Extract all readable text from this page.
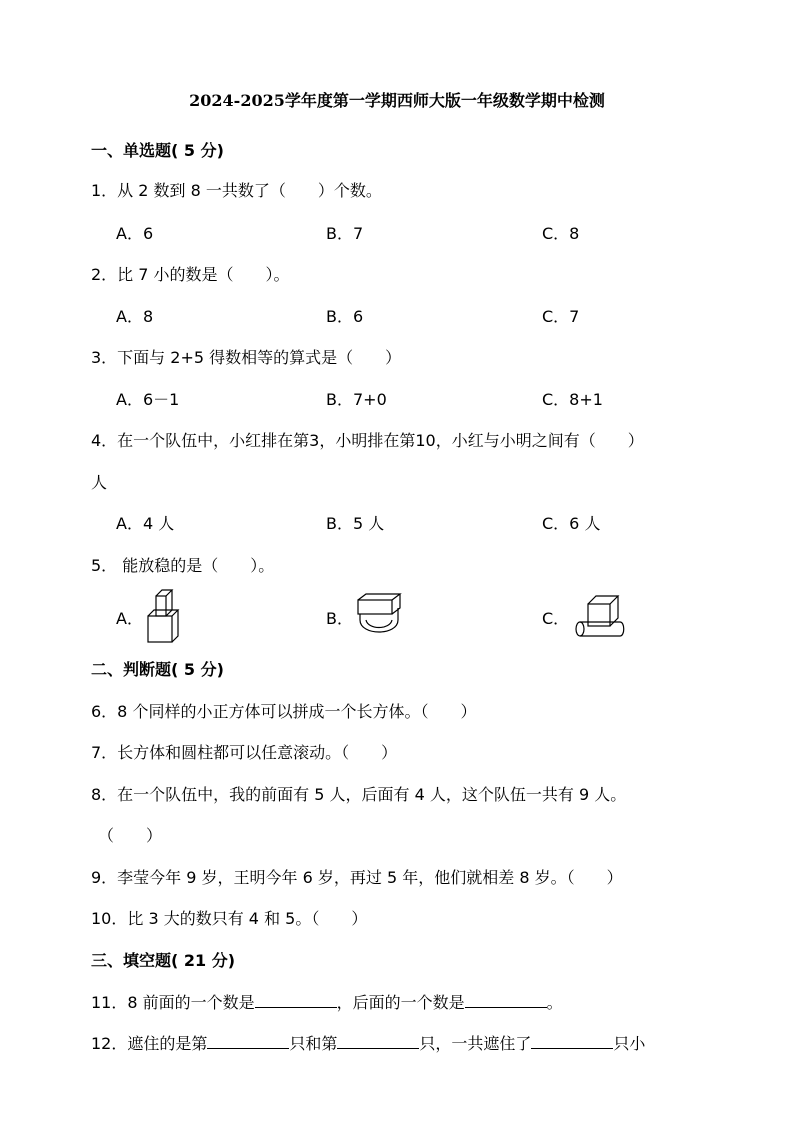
2024-2025学年度第一学期西师大版一年级数学期中检测
一、单选题( 5 分)
1．从 2 数到 8 一共数了（　　）个数。
A．6	B．7	C．8
2．比 7 小的数是（　　）。
A．8	B．6	C．7
3．下面与 2+5 得数相等的算式是（　　）
A．6－1	B．7+0	C．8+1
4．在一个队伍中，小红排在第3，小明排在第10，小红与小明之间有（　　）
人
A．4 人	B．5 人	C．6 人
5． 能放稳的是（　　）。
A．	B．	C．
二、判断题( 5 分)
6．8 个同样的小正方体可以拼成一个长方体。（　　）
7．长方体和圆柱都可以任意滚动。（　　）
8．在一个队伍中，我的前面有 5 人，后面有 4 人，这个队伍一共有 9 人。
（　　）
9．李莹今年 9 岁，王明今年 6 岁，再过 5 年，他们就相差 8 岁。（　　）
10．比 3 大的数只有 4 和 5。（　　）
三、填空题( 21 分)
11．8 前面的一个数是	，后面的一个数是	。
12．遮住的是第	只和第	只，一共遮住了	只小
